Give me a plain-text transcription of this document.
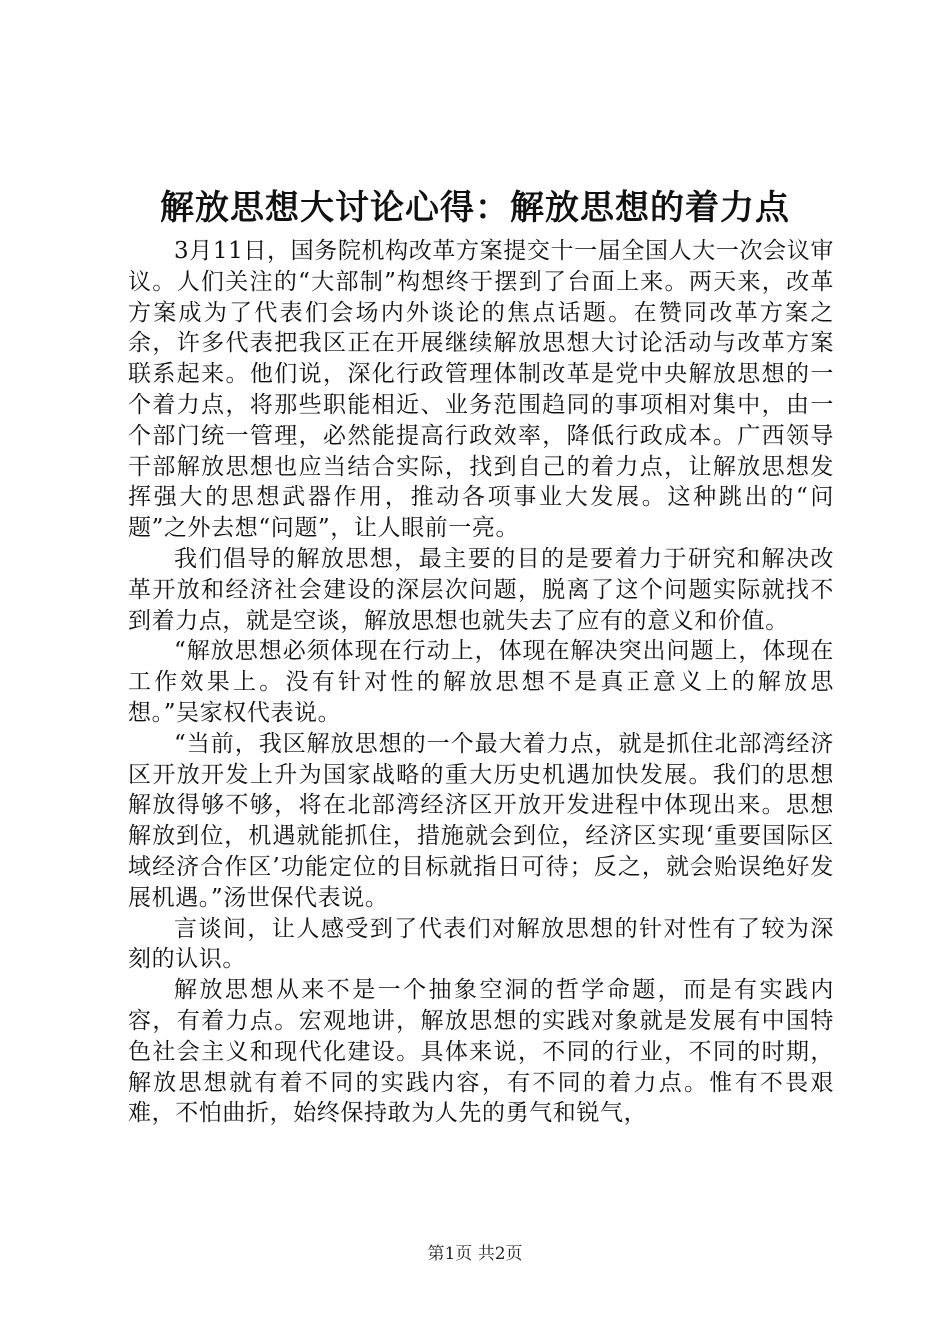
解放思想大讨论心得：解放思想的着力点

3月11日，国务院机构改革方案提交十一届全国人大一次会议审议。人们关注的“大部制”构想终于摆到了台面上来。两天来，改革方案成为了代表们会场内外谈论的焦点话题。在赞同改革方案之余，许多代表把我区正在开展继续解放思想大讨论活动与改革方案联系起来。他们说，深化行政管理体制改革是党中央解放思想的一个着力点，将那些职能相近、业务范围趋同的事项相对集中，由一个部门统一管理，必然能提高行政效率，降低行政成本。广西领导干部解放思想也应当结合实际，找到自己的着力点，让解放思想发挥强大的思想武器作用，推动各项事业大发展。这种跳出的“问题”之外去想“问题”，让人眼前一亮。

我们倡导的解放思想，最主要的目的是要着力于研究和解决改革开放和经济社会建设的深层次问题，脱离了这个问题实际就找不到着力点，就是空谈，解放思想也就失去了应有的意义和价值。

“解放思想必须体现在行动上，体现在解决突出问题上，体现在工作效果上。没有针对性的解放思想不是真正意义上的解放思想。”吴家权代表说。

“当前，我区解放思想的一个最大着力点，就是抓住北部湾经济区开放开发上升为国家战略的重大历史机遇加快发展。我们的思想解放得够不够，将在北部湾经济区开放开发进程中体现出来。思想解放到位，机遇就能抓住，措施就会到位，经济区实现‘重要国际区域经济合作区’功能定位的目标就指日可待；反之，就会贻误绝好发展机遇。”汤世保代表说。

言谈间，让人感受到了代表们对解放思想的针对性有了较为深刻的认识。

解放思想从来不是一个抽象空洞的哲学命题，而是有实践内容，有着力点。宏观地讲，解放思想的实践对象就是发展有中国特色社会主义和现代化建设。具体来说，不同的行业，不同的时期，解放思想就有着不同的实践内容，有不同的着力点。惟有不畏艰难，不怕曲折，始终保持敢为人先的勇气和锐气，

第1页 共2页
